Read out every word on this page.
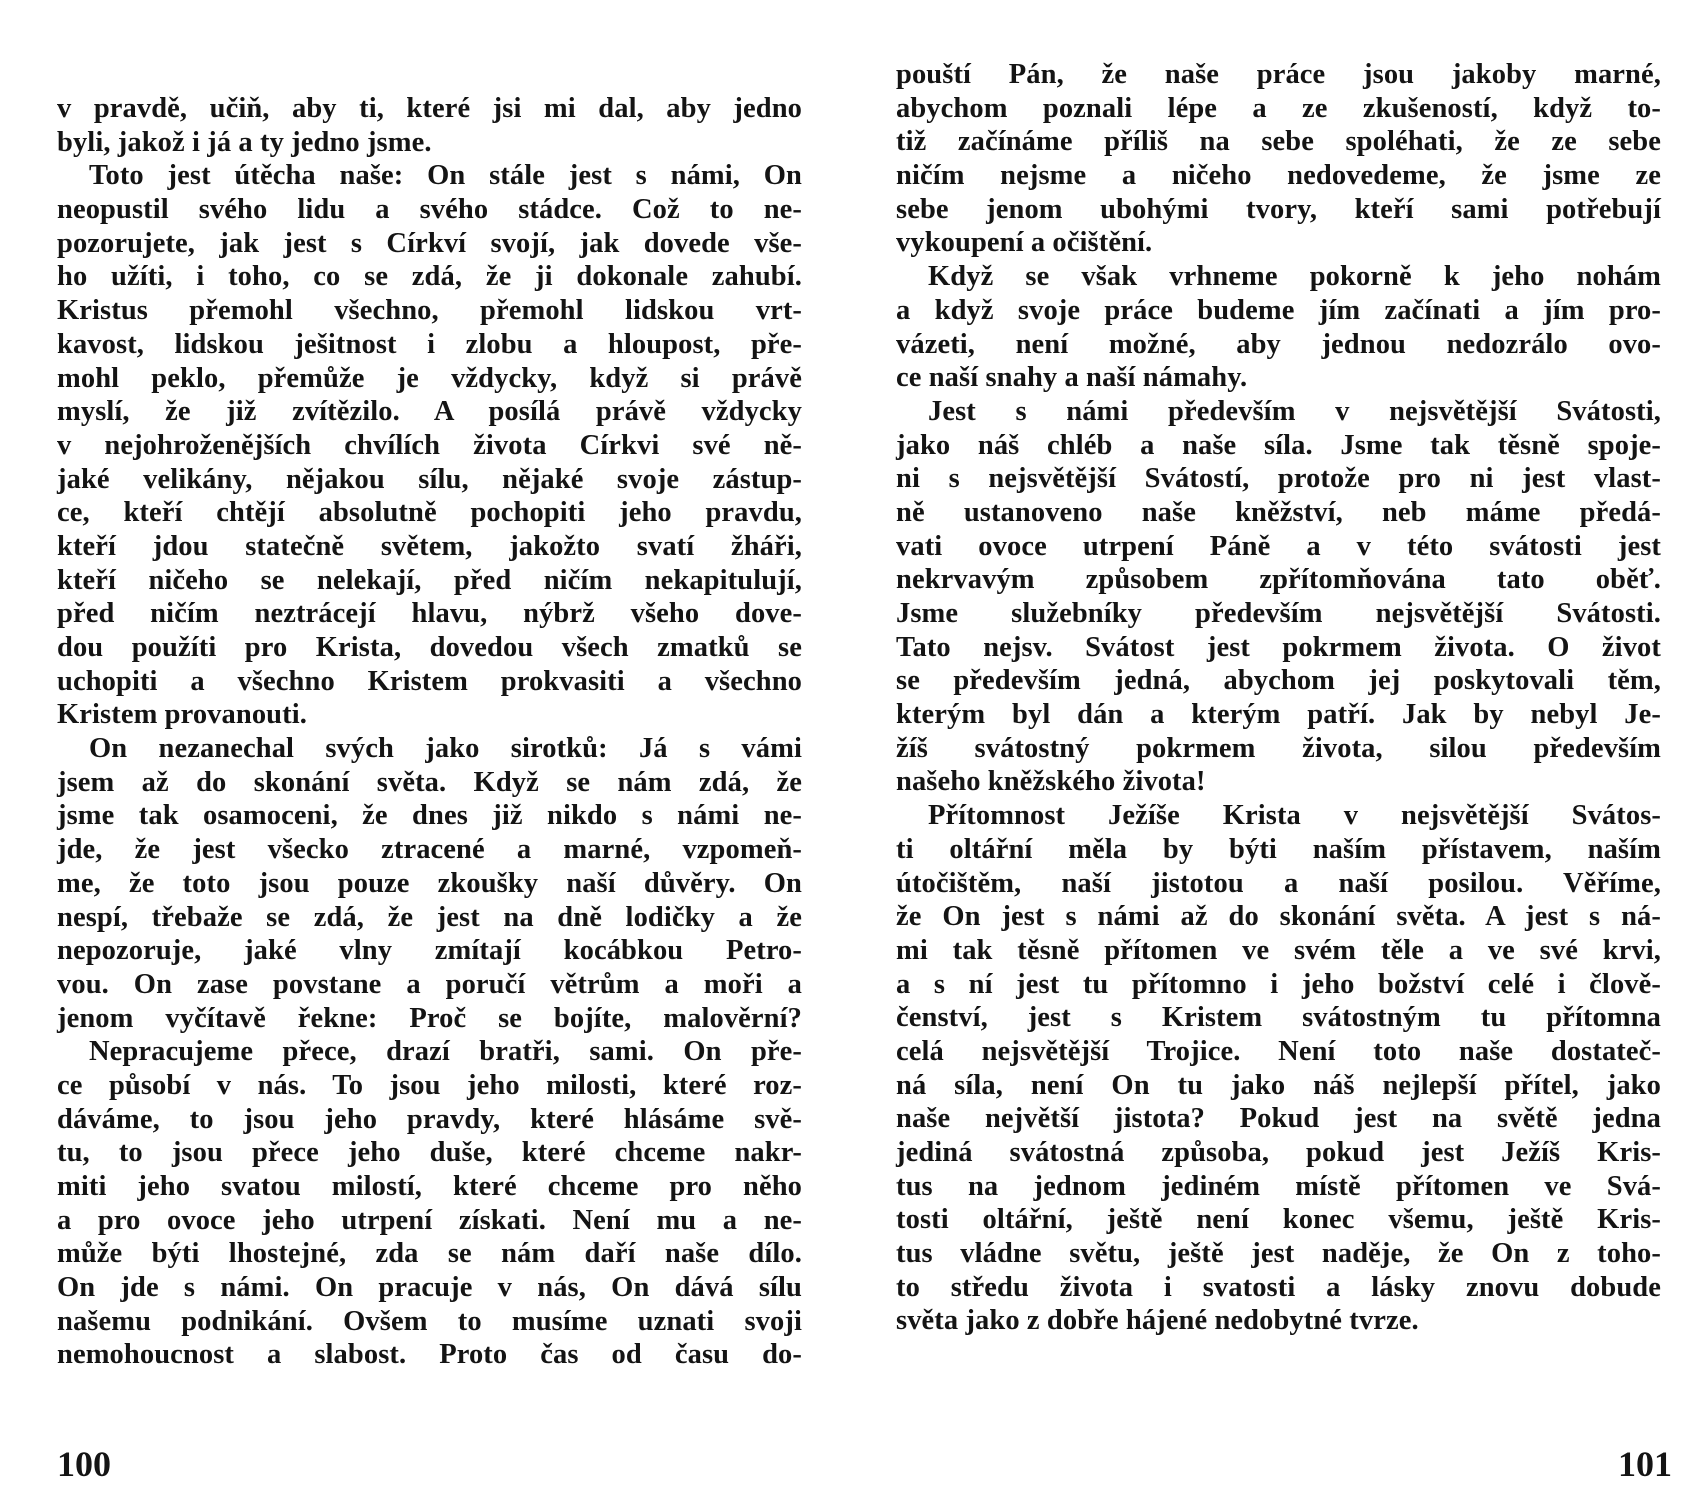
v pravdě, učiň, aby ti, které jsi mi dal, aby jedno
byli, jakož i já a ty jedno jsme.
Toto jest útěcha naše: On stále jest s námi, On
neopustil svého lidu a svého stádce. Což to ne-
pozorujete, jak jest s Církví svojí, jak dovede vše-
ho užíti, i toho, co se zdá, že ji dokonale zahubí.
Kristus přemohl všechno, přemohl lidskou vrt-
kavost, lidskou ješitnost i zlobu a hloupost, pře-
mohl peklo, přemůže je vždycky, když si právě
myslí, že již zvítězilo. A posílá právě vždycky
v nejohroženějších chvílích života Církvi své ně-
jaké velikány, nějakou sílu, nějaké svoje zástup-
ce, kteří chtějí absolutně pochopiti jeho pravdu,
kteří jdou statečně světem, jakožto svatí žháři,
kteří ničeho se nelekají, před ničím nekapitulují,
před ničím neztrácejí hlavu, nýbrž všeho dove-
dou použíti pro Krista, dovedou všech zmatků se
uchopiti a všechno Kristem prokvasiti a všechno
Kristem provanouti.
On nezanechal svých jako sirotků: Já s vámi
jsem až do skonání světa. Když se nám zdá, že
jsme tak osamoceni, že dnes již nikdo s námi ne-
jde, že jest všecko ztracené a marné, vzpomeň-
me, že toto jsou pouze zkoušky naší důvěry. On
nespí, třebaže se zdá, že jest na dně lodičky a že
nepozoruje, jaké vlny zmítají kocábkou Petro-
vou. On zase povstane a poručí větrům a moři a
jenom vyčítavě řekne: Proč se bojíte, malověrní?
Nepracujeme přece, drazí bratři, sami. On pře-
ce působí v nás. To jsou jeho milosti, které roz-
dáváme, to jsou jeho pravdy, které hlásáme svě-
tu, to jsou přece jeho duše, které chceme nakr-
miti jeho svatou milostí, které chceme pro něho
a pro ovoce jeho utrpení získati. Není mu a ne-
může býti lhostejné, zda se nám daří naše dílo.
On jde s námi. On pracuje v nás, On dává sílu
našemu podnikání. Ovšem to musíme uznati svoji
nemohoucnost a slabost. Proto čas od času do-
100
pouští Pán, že naše práce jsou jakoby marné,
abychom poznali lépe a ze zkušeností, když to-
tiž začínáme příliš na sebe spoléhati, že ze sebe
ničím nejsme a ničeho nedovedeme, že jsme ze
sebe jenom ubohými tvory, kteří sami potřebují
vykoupení a očištění.
Když se však vrhneme pokorně k jeho nohám
a když svoje práce budeme jím začínati a jím pro-
vázeti, není možné, aby jednou nedozrálo ovo-
ce naší snahy a naší námahy.
Jest s námi především v nejsvětější Svátosti,
jako náš chléb a naše síla. Jsme tak těsně spoje-
ni s nejsvětější Svátostí, protože pro ni jest vlast-
ně ustanoveno naše kněžství, neb máme předá-
vati ovoce utrpení Páně a v této svátosti jest
nekrvavým způsobem zpřítomňována tato oběť.
Jsme služebníky především nejsvětější Svátosti.
Tato nejsv. Svátost jest pokrmem života. O život
se především jedná, abychom jej poskytovali těm,
kterým byl dán a kterým patří. Jak by nebyl Je-
žíš svátostný pokrmem života, silou především
našeho kněžského života!
Přítomnost Ježíše Krista v nejsvětější Svátos-
ti oltářní měla by býti naším přístavem, naším
útočištěm, naší jistotou a naší posilou. Věříme,
že On jest s námi až do skonání světa. A jest s ná-
mi tak těsně přítomen ve svém těle a ve své krvi,
a s ní jest tu přítomno i jeho božství celé i člově-
čenství, jest s Kristem svátostným tu přítomna
celá nejsvětější Trojice. Není toto naše dostateč-
ná síla, není On tu jako náš nejlepší přítel, jako
naše největší jistota? Pokud jest na světě jedna
jediná svátostná způsoba, pokud jest Ježíš Kris-
tus na jednom jediném místě přítomen ve Svá-
tosti oltářní, ještě není konec všemu, ještě Kris-
tus vládne světu, ještě jest naděje, že On z toho-
to středu života i svatosti a lásky znovu dobude
světa jako z dobře hájené nedobytné tvrze.
101
